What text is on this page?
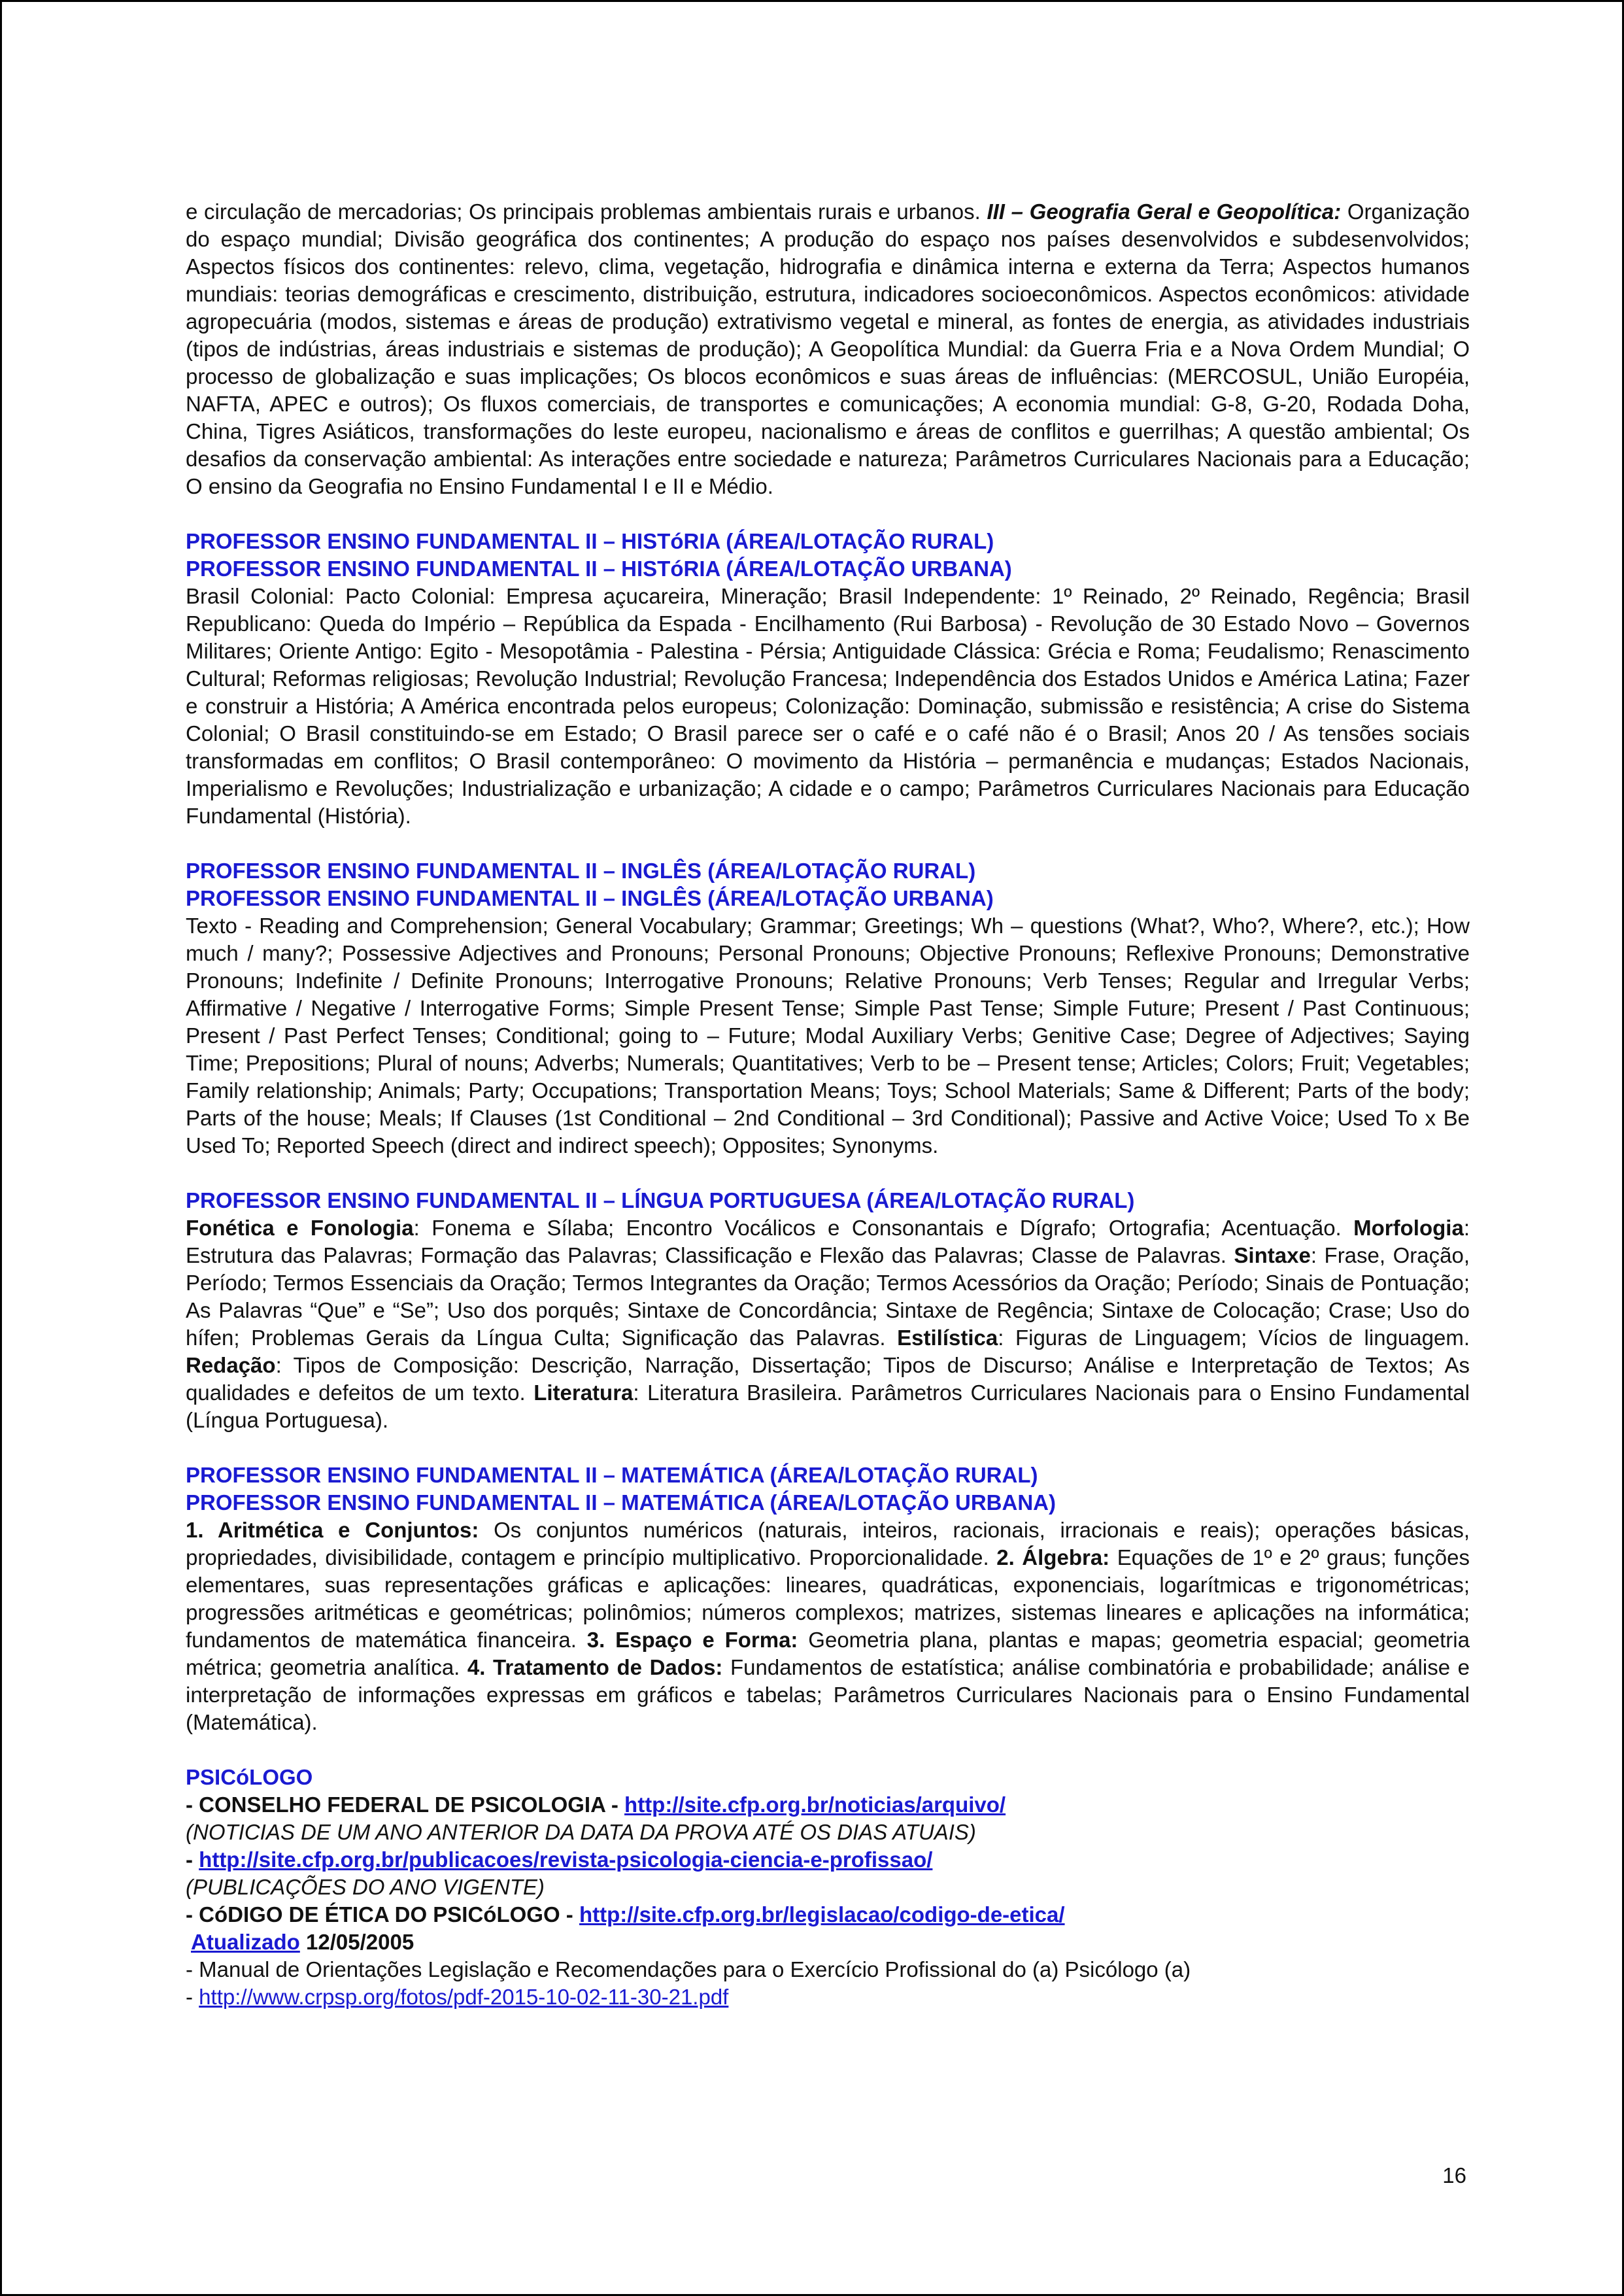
e circulação de mercadorias; Os principais problemas ambientais rurais e urbanos. III – Geografia Geral e Geopolítica: Organização do espaço mundial; Divisão geográfica dos continentes; A produção do espaço nos países desenvolvidos e subdesenvolvidos; Aspectos físicos dos continentes: relevo, clima, vegetação, hidrografia e dinâmica interna e externa da Terra; Aspectos humanos mundiais: teorias demográficas e crescimento, distribuição, estrutura, indicadores socioeconômicos. Aspectos econômicos: atividade agropecuária (modos, sistemas e áreas de produção) extrativismo vegetal e mineral, as fontes de energia, as atividades industriais (tipos de indústrias, áreas industriais e sistemas de produção); A Geopolítica Mundial: da Guerra Fria e a Nova Ordem Mundial; O processo de globalização e suas implicações; Os blocos econômicos e suas áreas de influências: (MERCOSUL, União Européia, NAFTA, APEC e outros); Os fluxos comerciais, de transportes e comunicações; A economia mundial: G-8, G-20, Rodada Doha, China, Tigres Asiáticos, transformações do leste europeu, nacionalismo e áreas de conflitos e guerrilhas; A questão ambiental; Os desafios da conservação ambiental: As interações entre sociedade e natureza; Parâmetros Curriculares Nacionais para a Educação; O ensino da Geografia no Ensino Fundamental I e II e Médio.

PROFESSOR ENSINO FUNDAMENTAL II – HISTóRIA (ÁREA/LOTAÇÃO RURAL)

PROFESSOR ENSINO FUNDAMENTAL II – HISTóRIA (ÁREA/LOTAÇÃO URBANA)

Brasil Colonial: Pacto Colonial: Empresa açucareira, Mineração; Brasil Independente: 1º Reinado, 2º Reinado, Regência; Brasil Republicano: Queda do Império – República da Espada - Encilhamento (Rui Barbosa) - Revolução de 30 Estado Novo – Governos Militares; Oriente Antigo: Egito - Mesopotâmia - Palestina - Pérsia; Antiguidade Clássica: Grécia e Roma; Feudalismo; Renascimento Cultural; Reformas religiosas; Revolução Industrial; Revolução Francesa; Independência dos Estados Unidos e América Latina; Fazer e construir a História; A América encontrada pelos europeus; Colonização: Dominação, submissão e resistência; A crise do Sistema Colonial; O Brasil constituindo-se em Estado; O Brasil parece ser o café e o café não é o Brasil; Anos 20 / As tensões sociais transformadas em conflitos; O Brasil contemporâneo: O movimento da História – permanência e mudanças; Estados Nacionais, Imperialismo e Revoluções; Industrialização e urbanização; A cidade e o campo; Parâmetros Curriculares Nacionais para Educação Fundamental (História).

PROFESSOR ENSINO FUNDAMENTAL II – INGLÊS (ÁREA/LOTAÇÃO RURAL)

PROFESSOR ENSINO FUNDAMENTAL II – INGLÊS (ÁREA/LOTAÇÃO URBANA)

Texto - Reading and Comprehension; General Vocabulary; Grammar; Greetings; Wh – questions (What?, Who?, Where?, etc.); How much / many?; Possessive Adjectives and Pronouns; Personal Pronouns; Objective Pronouns; Reflexive Pronouns; Demonstrative Pronouns; Indefinite / Definite Pronouns; Interrogative Pronouns; Relative Pronouns; Verb Tenses; Regular and Irregular Verbs; Affirmative / Negative / Interrogative Forms; Simple Present Tense; Simple Past Tense; Simple Future; Present / Past Continuous; Present / Past Perfect Tenses; Conditional; going to – Future; Modal Auxiliary Verbs; Genitive Case; Degree of Adjectives; Saying Time; Prepositions; Plural of nouns; Adverbs; Numerals; Quantitatives; Verb to be – Present tense; Articles; Colors; Fruit; Vegetables; Family relationship; Animals; Party; Occupations; Transportation Means; Toys; School Materials; Same & Different; Parts of the body; Parts of the house; Meals; If Clauses (1st Conditional – 2nd Conditional – 3rd Conditional); Passive and Active Voice; Used To x Be Used To; Reported Speech (direct and indirect speech); Opposites; Synonyms.

PROFESSOR ENSINO FUNDAMENTAL II – LÍNGUA PORTUGUESA (ÁREA/LOTAÇÃO RURAL)

Fonética e Fonologia: Fonema e Sílaba; Encontro Vocálicos e Consonantais e Dígrafo; Ortografia; Acentuação. Morfologia: Estrutura das Palavras; Formação das Palavras; Classificação e Flexão das Palavras; Classe de Palavras. Sintaxe: Frase, Oração, Período; Termos Essenciais da Oração; Termos Integrantes da Oração; Termos Acessórios da Oração; Período; Sinais de Pontuação; As Palavras “Que” e “Se”; Uso dos porquês; Sintaxe de Concordância; Sintaxe de Regência; Sintaxe de Colocação; Crase; Uso do hífen; Problemas Gerais da Língua Culta; Significação das Palavras. Estilística: Figuras de Linguagem; Vícios de linguagem. Redação: Tipos de Composição: Descrição, Narração, Dissertação; Tipos de Discurso; Análise e Interpretação de Textos; As qualidades e defeitos de um texto. Literatura: Literatura Brasileira. Parâmetros Curriculares Nacionais para o Ensino Fundamental (Língua Portuguesa).

PROFESSOR ENSINO FUNDAMENTAL II – MATEMÁTICA (ÁREA/LOTAÇÃO RURAL)

PROFESSOR ENSINO FUNDAMENTAL II – MATEMÁTICA (ÁREA/LOTAÇÃO URBANA)

1. Aritmética e Conjuntos: Os conjuntos numéricos (naturais, inteiros, racionais, irracionais e reais); operações básicas, propriedades, divisibilidade, contagem e princípio multiplicativo. Proporcionalidade. 2. Álgebra: Equações de 1º e 2º graus; funções elementares, suas representações gráficas e aplicações: lineares, quadráticas, exponenciais, logarítmicas e trigonométricas; progressões aritméticas e geométricas; polinômios; números complexos; matrizes, sistemas lineares e aplicações na informática; fundamentos de matemática financeira. 3. Espaço e Forma: Geometria plana, plantas e mapas; geometria espacial; geometria métrica; geometria analítica. 4. Tratamento de Dados: Fundamentos de estatística; análise combinatória e probabilidade; análise e interpretação de informações expressas em gráficos e tabelas; Parâmetros Curriculares Nacionais para o Ensino Fundamental (Matemática).

PSICóLOGO

- CONSELHO FEDERAL DE PSICOLOGIA - http://site.cfp.org.br/noticias/arquivo/

(NOTICIAS DE UM ANO ANTERIOR DA DATA DA PROVA ATÉ OS DIAS ATUAIS)

- http://site.cfp.org.br/publicacoes/revista-psicologia-ciencia-e-profissao/

(PUBLICAÇÕES DO ANO VIGENTE)

- CóDIGO DE ÉTICA DO PSICóLOGO - http://site.cfp.org.br/legislacao/codigo-de-etica/

Atualizado 12/05/2005

- Manual de Orientações Legislação e Recomendações para o Exercício Profissional do (a) Psicólogo (a)

- http://www.crpsp.org/fotos/pdf-2015-10-02-11-30-21.pdf

16
